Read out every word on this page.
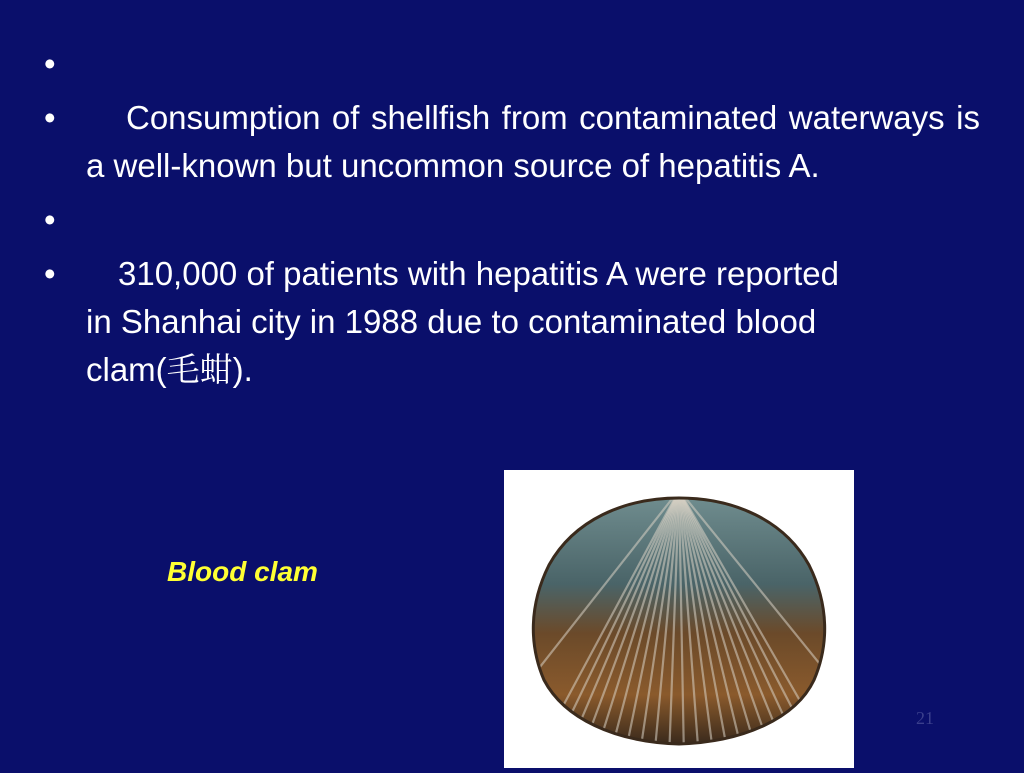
•
•	Consumption of shellfish from contaminated waterways is a well-known but uncommon source of hepatitis A.
•
•	310,000 of patients with hepatitis A were reported in Shanhai city in 1988 due to contaminated blood clam(毛蚶).
Blood clam
21
